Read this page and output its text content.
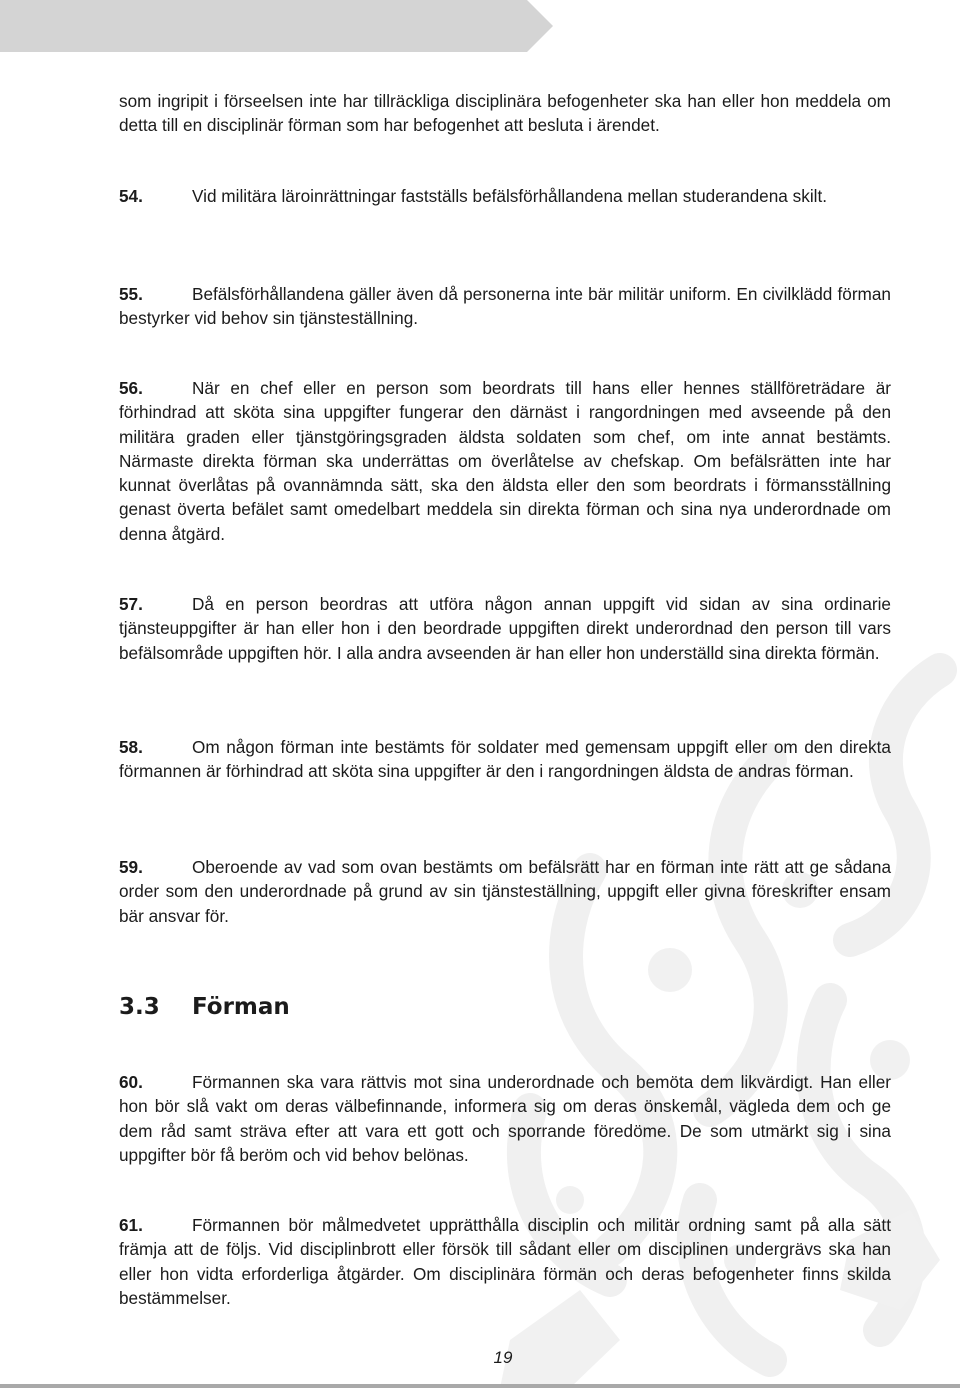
som ingripit i förseelsen inte har tillräckliga disciplinära befogenheter ska han eller hon meddela om detta till en disciplinär förman som har befogenhet att besluta i ärendet.

54.	Vid militära läroinrättningar fastställs befälsförhållandena mellan studerandena skilt.

55.	Befälsförhållandena gäller även då personerna inte bär militär uniform. En civilklädd förman bestyrker vid behov sin tjänsteställning.

56.	När en chef eller en person som beordrats till hans eller hennes ställföreträdare är förhindrad att sköta sina uppgifter fungerar den därnäst i rangordningen med avseende på den militära graden eller tjänstgöringsgraden äldsta soldaten som chef, om inte annat bestämts. Närmaste direkta förman ska underrättas om överlåtelse av chefskap. Om befälsrätten inte har kunnat överlåtas på ovannämnda sätt, ska den äldsta eller den som beordrats i förmansställning genast överta befälet samt omedelbart meddela sin direkta förman och sina nya underordnade om denna åtgärd.

57.	Då en person beordras att utföra någon annan uppgift vid sidan av sina ordinarie tjänsteuppgifter är han eller hon i den beordrade uppgiften direkt underordnad den person till vars befälsområde uppgiften hör. I alla andra avseenden är han eller hon underställd sina direkta förmän.

58.	Om någon förman inte bestämts för soldater med gemensam uppgift eller om den direkta förmannen är förhindrad att sköta sina uppgifter är den i rangordningen äldsta de andras förman.

59.	Oberoende av vad som ovan bestämts om befälsrätt har en förman inte rätt att ge sådana order som den underordnade på grund av sin tjänsteställning, uppgift eller givna föreskrifter ensam bär ansvar för.

3.3 Förman

60.	Förmannen ska vara rättvis mot sina underordnade och bemöta dem likvärdigt. Han eller hon bör slå vakt om deras välbefinnande, informera sig om deras önskemål, vägleda dem och ge dem råd samt sträva efter att vara ett gott och sporrande föredöme. De som utmärkt sig i sina uppgifter bör få beröm och vid behov belönas.

61.	Förmannen bör målmedvetet upprätthålla disciplin och militär ordning samt på alla sätt främja att de följs. Vid disciplinbrott eller försök till sådant eller om disciplinen undergrävs ska han eller hon vidta erforderliga åtgärder. Om disciplinära förmän och deras befogenheter finns skilda bestämmelser.

19
